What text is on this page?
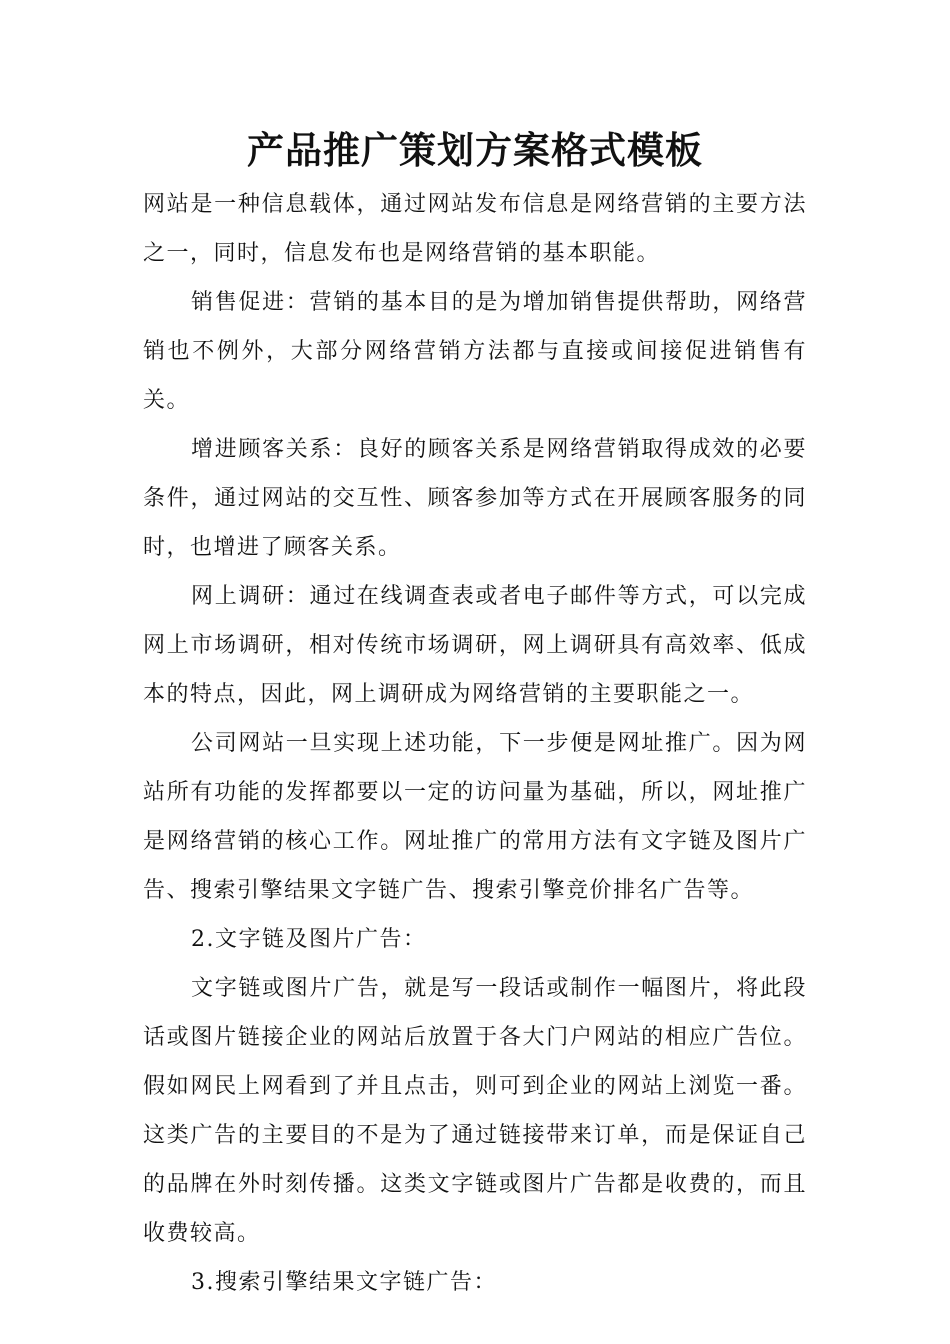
产品推广策划方案格式模板

网站是一种信息载体，通过网站发布信息是网络营销的主要方法之一，同时，信息发布也是网络营销的基本职能。

销售促进：营销的基本目的是为增加销售提供帮助，网络营销也不例外，大部分网络营销方法都与直接或间接促进销售有关。

增进顾客关系：良好的顾客关系是网络营销取得成效的必要条件，通过网站的交互性、顾客参加等方式在开展顾客服务的同时，也增进了顾客关系。

网上调研：通过在线调查表或者电子邮件等方式，可以完成网上市场调研，相对传统市场调研，网上调研具有高效率、低成本的特点，因此，网上调研成为网络营销的主要职能之一。

公司网站一旦实现上述功能，下一步便是网址推广。因为网站所有功能的发挥都要以一定的访问量为基础，所以，网址推广是网络营销的核心工作。网址推广的常用方法有文字链及图片广告、搜索引擎结果文字链广告、搜索引擎竞价排名广告等。

2.文字链及图片广告：

文字链或图片广告，就是写一段话或制作一幅图片，将此段话或图片链接企业的网站后放置于各大门户网站的相应广告位。假如网民上网看到了并且点击，则可到企业的网站上浏览一番。这类广告的主要目的不是为了通过链接带来订单，而是保证自己的品牌在外时刻传播。这类文字链或图片广告都是收费的，而且收费较高。

3.搜索引擎结果文字链广告：
